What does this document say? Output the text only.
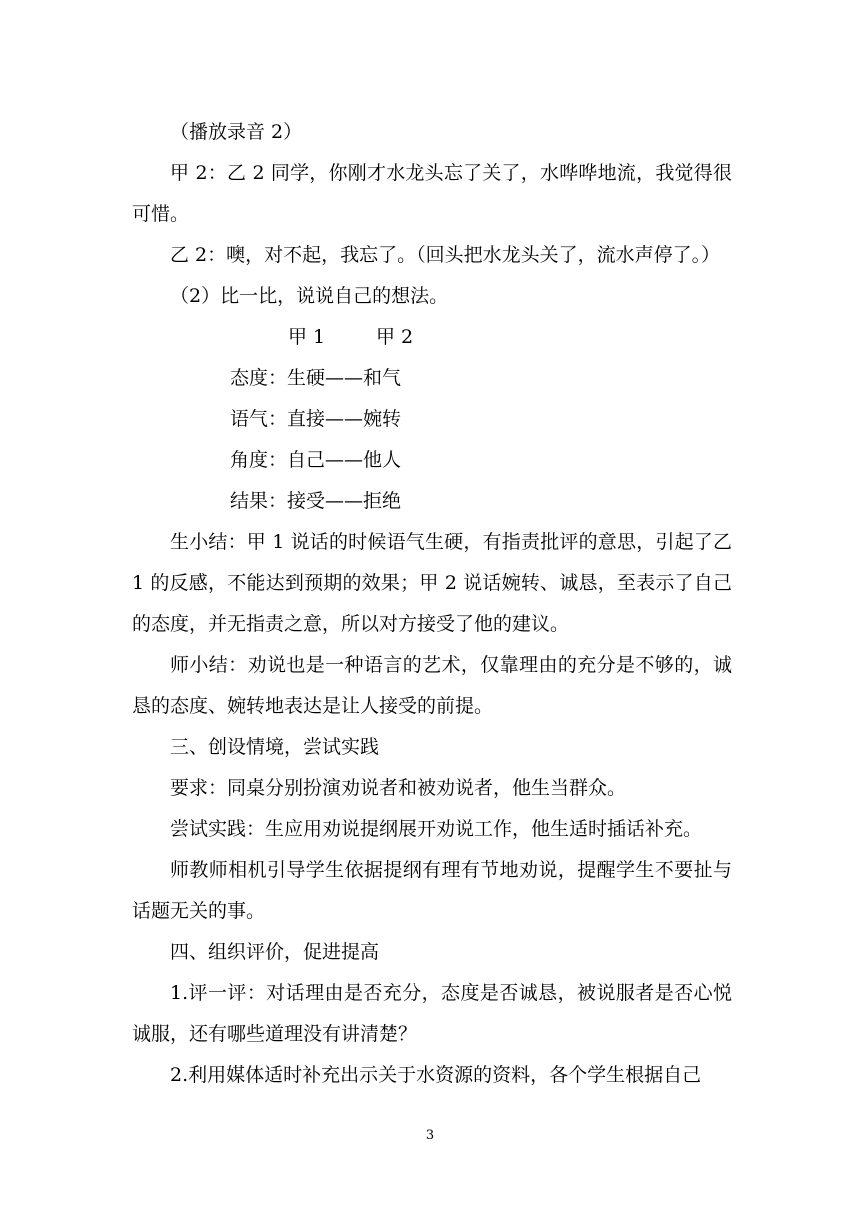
（播放录音 2）

甲 2：乙 2 同学，你刚才水龙头忘了关了，水哗哗地流，我觉得很可惜。

乙 2：噢，对不起，我忘了。（回头把水龙头关了，流水声停了。）

（2）比一比，说说自己的想法。

甲 1	甲 2

态度：生硬——和气

语气：直接——婉转

角度：自己——他人

结果：接受——拒绝

生小结：甲 1 说话的时候语气生硬，有指责批评的意思，引起了乙 1 的反感，不能达到预期的效果；甲 2 说话婉转、诚恳，至表示了自己的态度，并无指责之意，所以对方接受了他的建议。

师小结：劝说也是一种语言的艺术，仅靠理由的充分是不够的，诚恳的态度、婉转地表达是让人接受的前提。

三、创设情境，尝试实践

要求：同桌分别扮演劝说者和被劝说者，他生当群众。

尝试实践：生应用劝说提纲展开劝说工作，他生适时插话补充。

师教师相机引导学生依据提纲有理有节地劝说，提醒学生不要扯与话题无关的事。

四、组织评价，促进提高

1.评一评：对话理由是否充分，态度是否诚恳，被说服者是否心悦诚服，还有哪些道理没有讲清楚？

2.利用媒体适时补充出示关于水资源的资料，各个学生根据自己

3
